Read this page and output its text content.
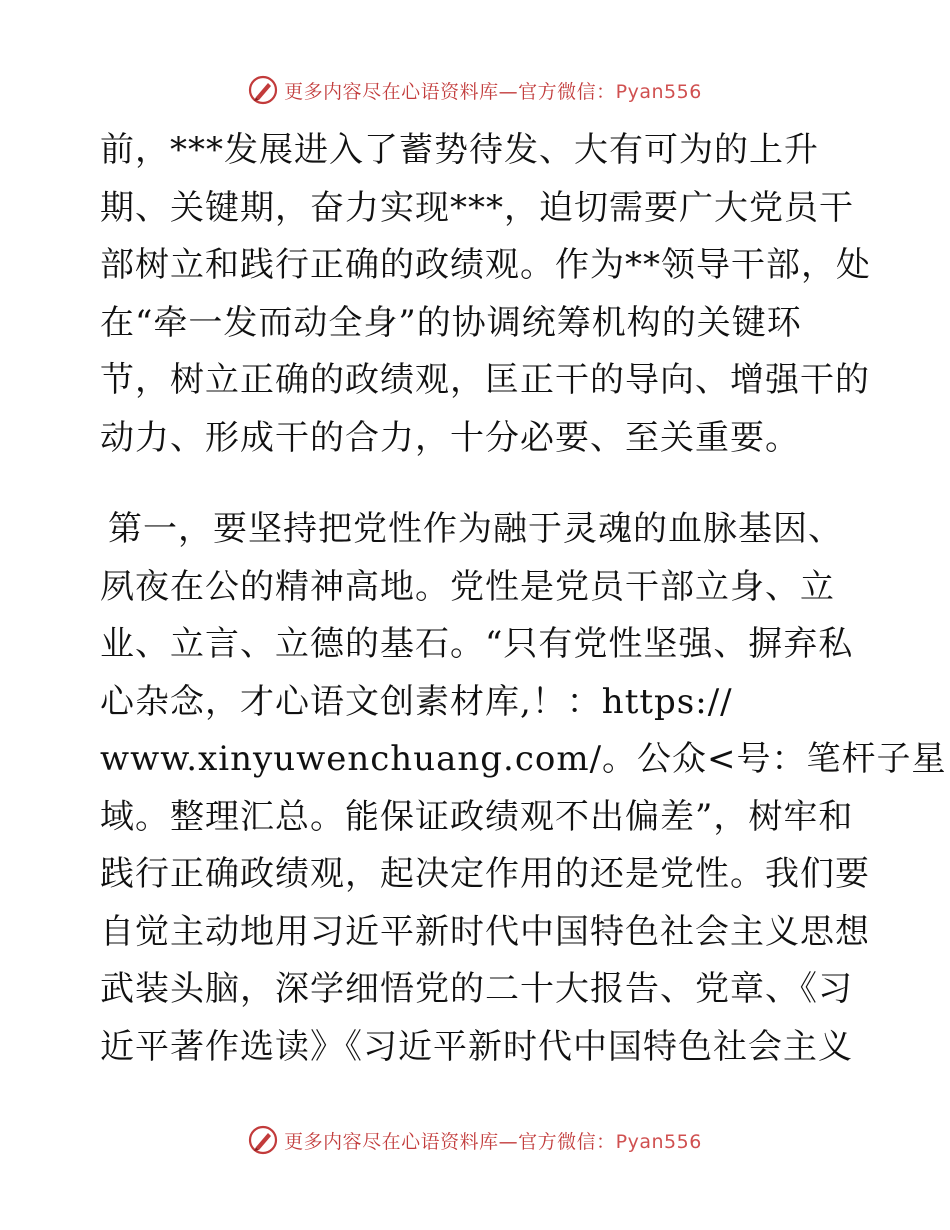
更多内容尽在心语资料库—官方微信：Pyan556
前，***发展进入了蓄势待发、大有可为的上升
期、关键期，奋力实现***，迫切需要广大党员干
部树立和践行正确的政绩观。作为**领导干部，处
在“牵一发而动全身”的协调统筹机构的关键环
节，树立正确的政绩观，匡正干的导向、增强干的
动力、形成干的合力，十分必要、至关重要。
第一，要坚持把党性作为融于灵魂的血脉基因、
夙夜在公的精神高地。党性是党员干部立身、立
业、立言、立德的基石。“只有党性坚强、摒弃私
心杂念，才心语文创素材库,！：https://
www.xinyuwenchuang.com/。公众<号：笔杆子星
域。整理汇总。能保证政绩观不出偏差”，树牢和
践行正确政绩观，起决定作用的还是党性。我们要
自觉主动地用习近平新时代中国特色社会主义思想
武装头脑，深学细悟党的二十大报告、党章、《习
近平著作选读》《习近平新时代中国特色社会主义
更多内容尽在心语资料库—官方微信：Pyan556
